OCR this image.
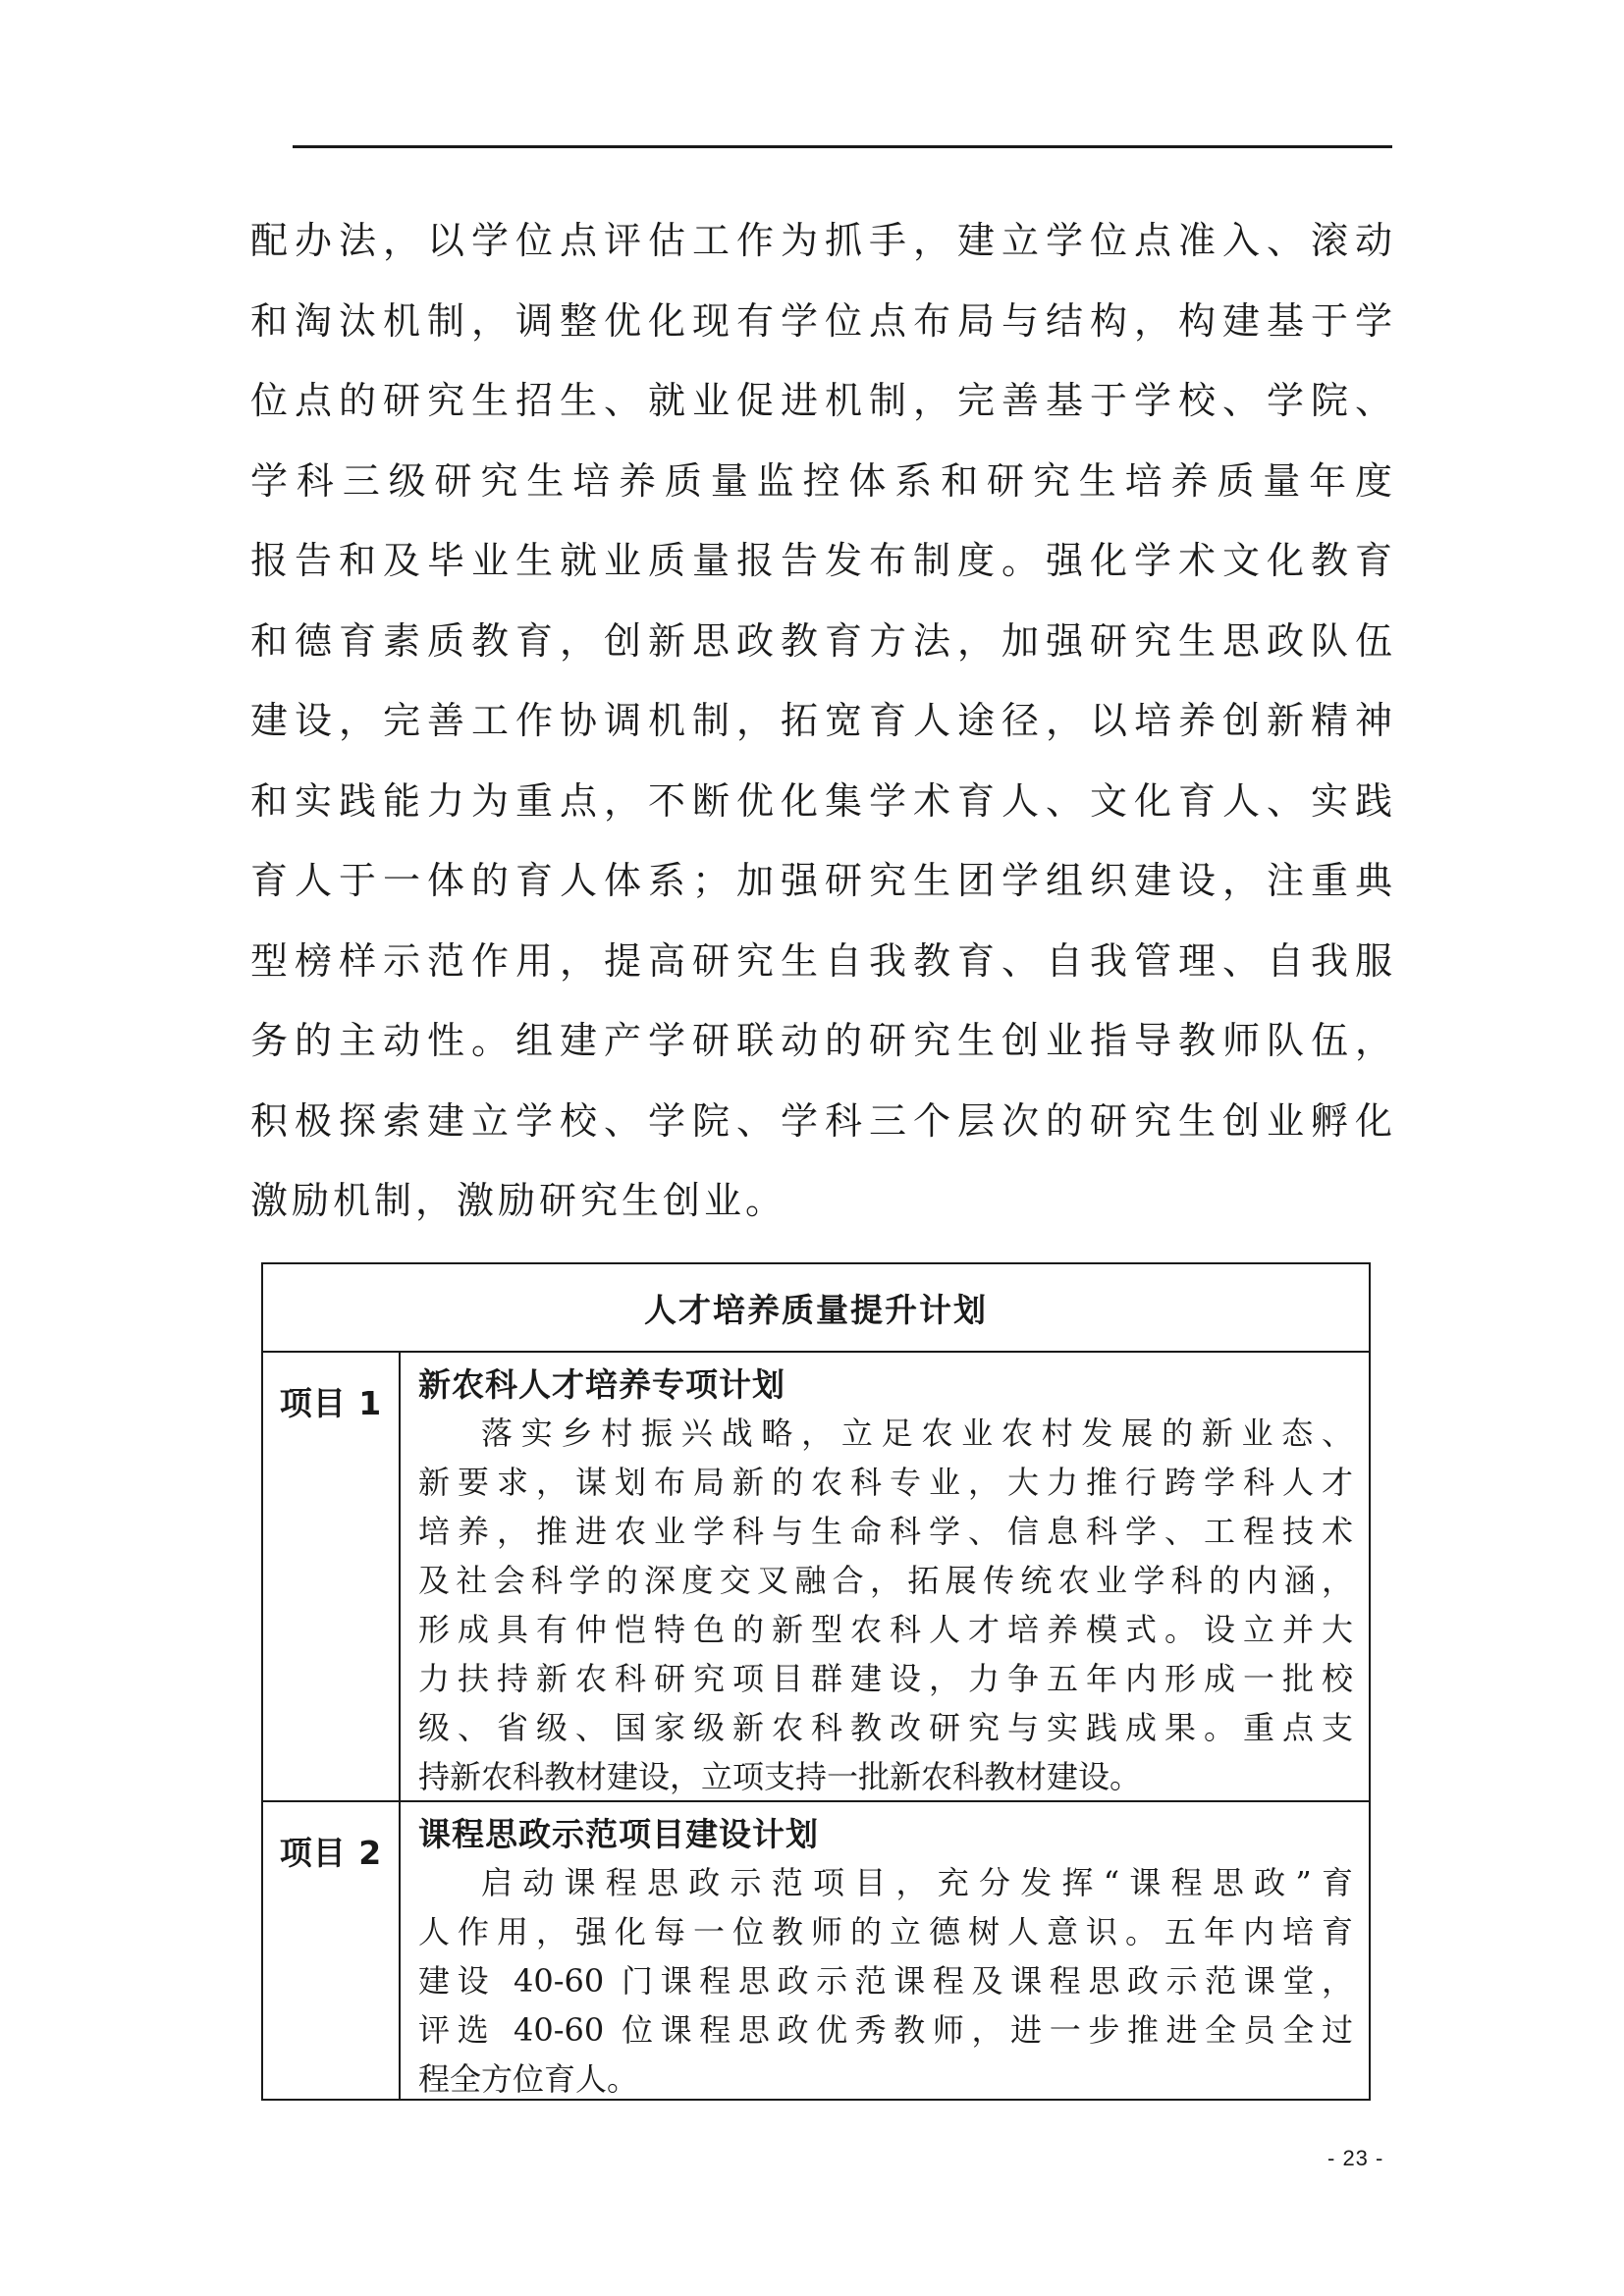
配办法，以学位点评估工作为抓手，建立学位点准入、滚动
和淘汰机制，调整优化现有学位点布局与结构，构建基于学
位点的研究生招生、就业促进机制，完善基于学校、学院、
学科三级研究生培养质量监控体系和研究生培养质量年度
报告和及毕业生就业质量报告发布制度。强化学术文化教育
和德育素质教育，创新思政教育方法，加强研究生思政队伍
建设，完善工作协调机制，拓宽育人途径，以培养创新精神
和实践能力为重点，不断优化集学术育人、文化育人、实践
育人于一体的育人体系；加强研究生团学组织建设，注重典
型榜样示范作用，提高研究生自我教育、自我管理、自我服
务的主动性。组建产学研联动的研究生创业指导教师队伍，
积极探索建立学校、学院、学科三个层次的研究生创业孵化
激励机制，激励研究生创业。
人才培养质量提升计划
项目 1	新农科人才培养专项计划
落实乡村振兴战略，立足农业农村发展的新业态、
新要求，谋划布局新的农科专业，大力推行跨学科人才
培养，推进农业学科与生命科学、信息科学、工程技术
及社会科学的深度交叉融合，拓展传统农业学科的内涵，
形成具有仲恺特色的新型农科人才培养模式。设立并大
力扶持新农科研究项目群建设，力争五年内形成一批校
级、省级、国家级新农科教改研究与实践成果。重点支
持新农科教材建设，立项支持一批新农科教材建设。
项目 2	课程思政示范项目建设计划
启动课程思政示范项目，充分发挥“课程思政”育
人作用，强化每一位教师的立德树人意识。五年内培育
建设 40-60 门课程思政示范课程及课程思政示范课堂，
评选 40-60 位课程思政优秀教师，进一步推进全员全过
程全方位育人。
- 23 -
